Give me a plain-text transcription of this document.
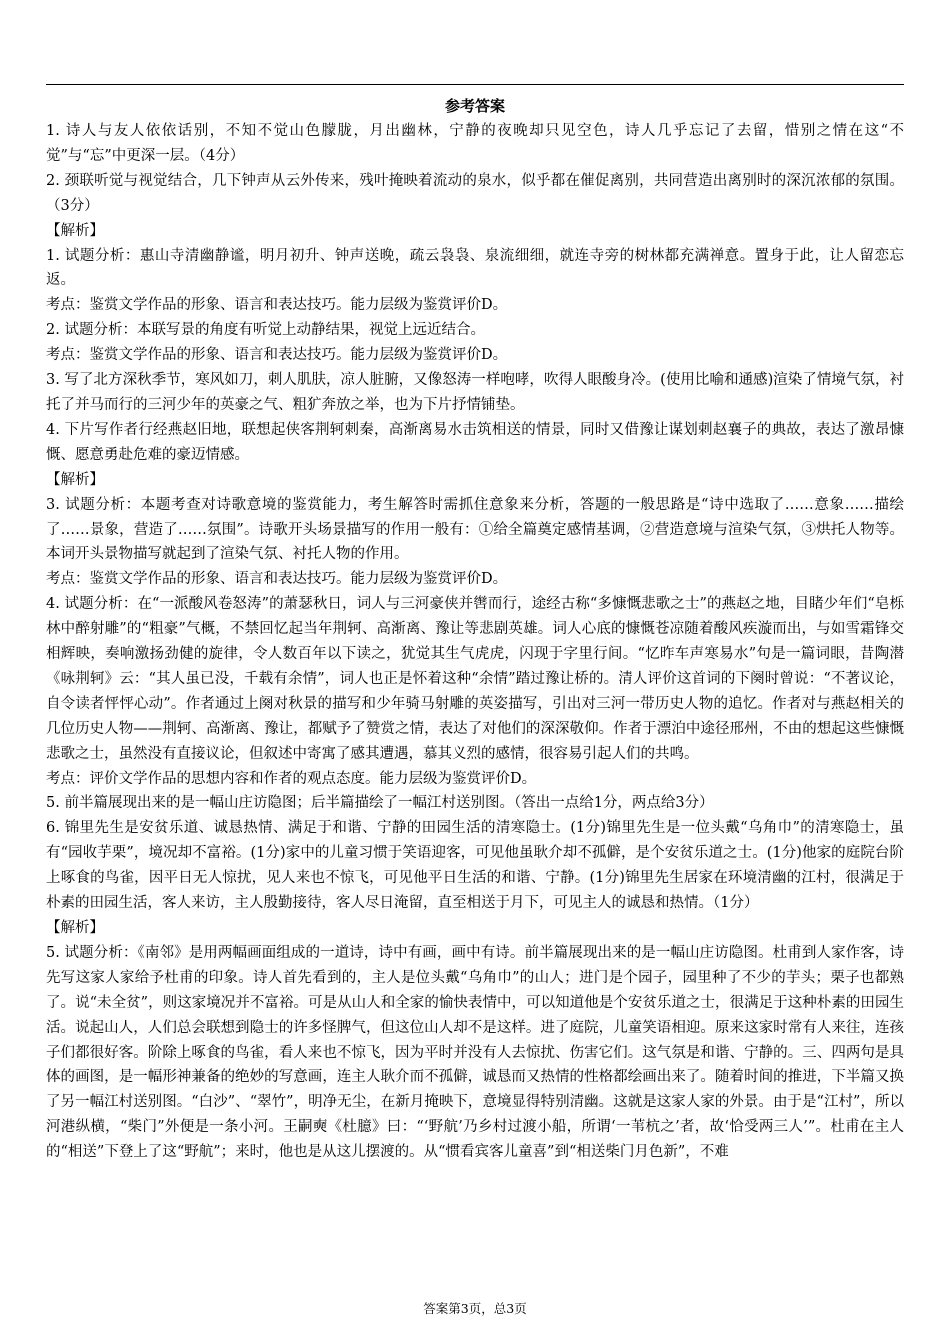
参考答案

1. 诗人与友人依依话别，不知不觉山色朦胧，月出幽林，宁静的夜晚却只见空色，诗人几乎忘记了去留，惜别之情在这“不觉”与“忘”中更深一层。（4分）

2. 颈联听觉与视觉结合，几下钟声从云外传来，残叶掩映着流动的泉水，似乎都在催促离别，共同营造出离别时的深沉浓郁的氛围。（3分）

【解析】

1. 试题分析：惠山寺清幽静谧，明月初升、钟声送晚，疏云袅袅、泉流细细，就连寺旁的树林都充满禅意。置身于此，让人留恋忘返。

考点：鉴赏文学作品的形象、语言和表达技巧。能力层级为鉴赏评价D。

2. 试题分析：本联写景的角度有听觉上动静结果，视觉上远近结合。

考点：鉴赏文学作品的形象、语言和表达技巧。能力层级为鉴赏评价D。

3. 写了北方深秋季节，寒风如刀，刺人肌肤，凉人脏腑，又像怒涛一样咆哮，吹得人眼酸身冷。(使用比喻和通感)渲染了情境气氛，衬托了并马而行的三河少年的英豪之气、粗犷奔放之举，也为下片抒情铺垫。

4. 下片写作者行经燕赵旧地，联想起侠客荆轲刺秦，高渐离易水击筑相送的情景，同时又借豫让谋划刺赵襄子的典故，表达了激昂慷慨、愿意勇赴危难的豪迈情感。

【解析】

3. 试题分析：本题考查对诗歌意境的鉴赏能力，考生解答时需抓住意象来分析，答题的一般思路是“诗中选取了……意象……描绘了……景象，营造了……氛围”。诗歌开头场景描写的作用一般有：①给全篇奠定感情基调，②营造意境与渲染气氛，③烘托人物等。本词开头景物描写就起到了渲染气氛、衬托人物的作用。

考点：鉴赏文学作品的形象、语言和表达技巧。能力层级为鉴赏评价D。

4. 试题分析：在“一派酸风卷怒涛”的萧瑟秋日，词人与三河豪侠并辔而行，途经古称“多慷慨悲歌之士”的燕赵之地，目睹少年们“皂栎林中醉射雕”的“粗豪”气概，不禁回忆起当年荆轲、高渐离、豫让等悲剧英雄。词人心底的慷慨苍凉随着酸风疾漩而出，与如雪霜锋交相辉映，奏响激扬劲健的旋律，令人数百年以下读之，犹觉其生气虎虎，闪现于字里行间。“忆昨车声寒易水”句是一篇词眼，昔陶潜《咏荆轲》云：“其人虽已没，千载有余情”，词人也正是怀着这种“余情”踏过豫让桥的。清人评价这首词的下阕时曾说：“不著议论，自令读者怦怦心动”。作者通过上阕对秋景的描写和少年骑马射雕的英姿描写，引出对三河一带历史人物的追忆。作者对与燕赵相关的几位历史人物——荆轲、高渐离、豫让，都赋予了赞赏之情，表达了对他们的深深敬仰。作者于漂泊中途径邢州，不由的想起这些慷慨悲歌之士，虽然没有直接议论，但叙述中寄寓了感其遭遇，慕其义烈的感情，很容易引起人们的共鸣。

考点：评价文学作品的思想内容和作者的观点态度。能力层级为鉴赏评价D。

5. 前半篇展现出来的是一幅山庄访隐图；后半篇描绘了一幅江村送别图。（答出一点给1分，两点给3分）

6. 锦里先生是安贫乐道、诚恳热情、满足于和谐、宁静的田园生活的清寒隐士。(1分)锦里先生是一位头戴“乌角巾”的清寒隐士，虽有“园收芋栗”，境况却不富裕。(1分)家中的儿童习惯于笑语迎客，可见他虽耿介却不孤僻，是个安贫乐道之士。(1分)他家的庭院台阶上啄食的鸟雀，因平日无人惊扰，见人来也不惊飞，可见他平日生活的和谐、宁静。(1分)锦里先生居家在环境清幽的江村，很满足于朴素的田园生活，客人来访，主人殷勤接待，客人尽日淹留，直至相送于月下，可见主人的诚恳和热情。（1分）

【解析】

5. 试题分析：《南邻》是用两幅画面组成的一道诗，诗中有画，画中有诗。前半篇展现出来的是一幅山庄访隐图。杜甫到人家作客，诗先写这家人家给予杜甫的印象。诗人首先看到的，主人是位头戴“乌角巾”的山人；进门是个园子，园里种了不少的芋头；栗子也都熟了。说“未全贫”，则这家境况并不富裕。可是从山人和全家的愉快表情中，可以知道他是个安贫乐道之士，很满足于这种朴素的田园生活。说起山人，人们总会联想到隐士的许多怪脾气，但这位山人却不是这样。进了庭院，儿童笑语相迎。原来这家时常有人来往，连孩子们都很好客。阶除上啄食的鸟雀，看人来也不惊飞，因为平时并没有人去惊扰、伤害它们。这气氛是和谐、宁静的。三、四两句是具体的画图，是一幅形神兼备的绝妙的写意画，连主人耿介而不孤僻，诚恳而又热情的性格都绘画出来了。随着时间的推进，下半篇又换了另一幅江村送别图。“白沙”、“翠竹”，明净无尘，在新月掩映下，意境显得特别清幽。这就是这家人家的外景。由于是“江村”，所以河港纵横，“柴门”外便是一条小河。王嗣奭《杜臆》曰：“‘野航’乃乡村过渡小船，所谓‘一苇杭之’者，故‘恰受两三人’”。杜甫在主人的“相送”下登上了这“野航”；来时，他也是从这儿摆渡的。从“惯看宾客儿童喜”到“相送柴门月色新”，不难

答案第3页，总3页
